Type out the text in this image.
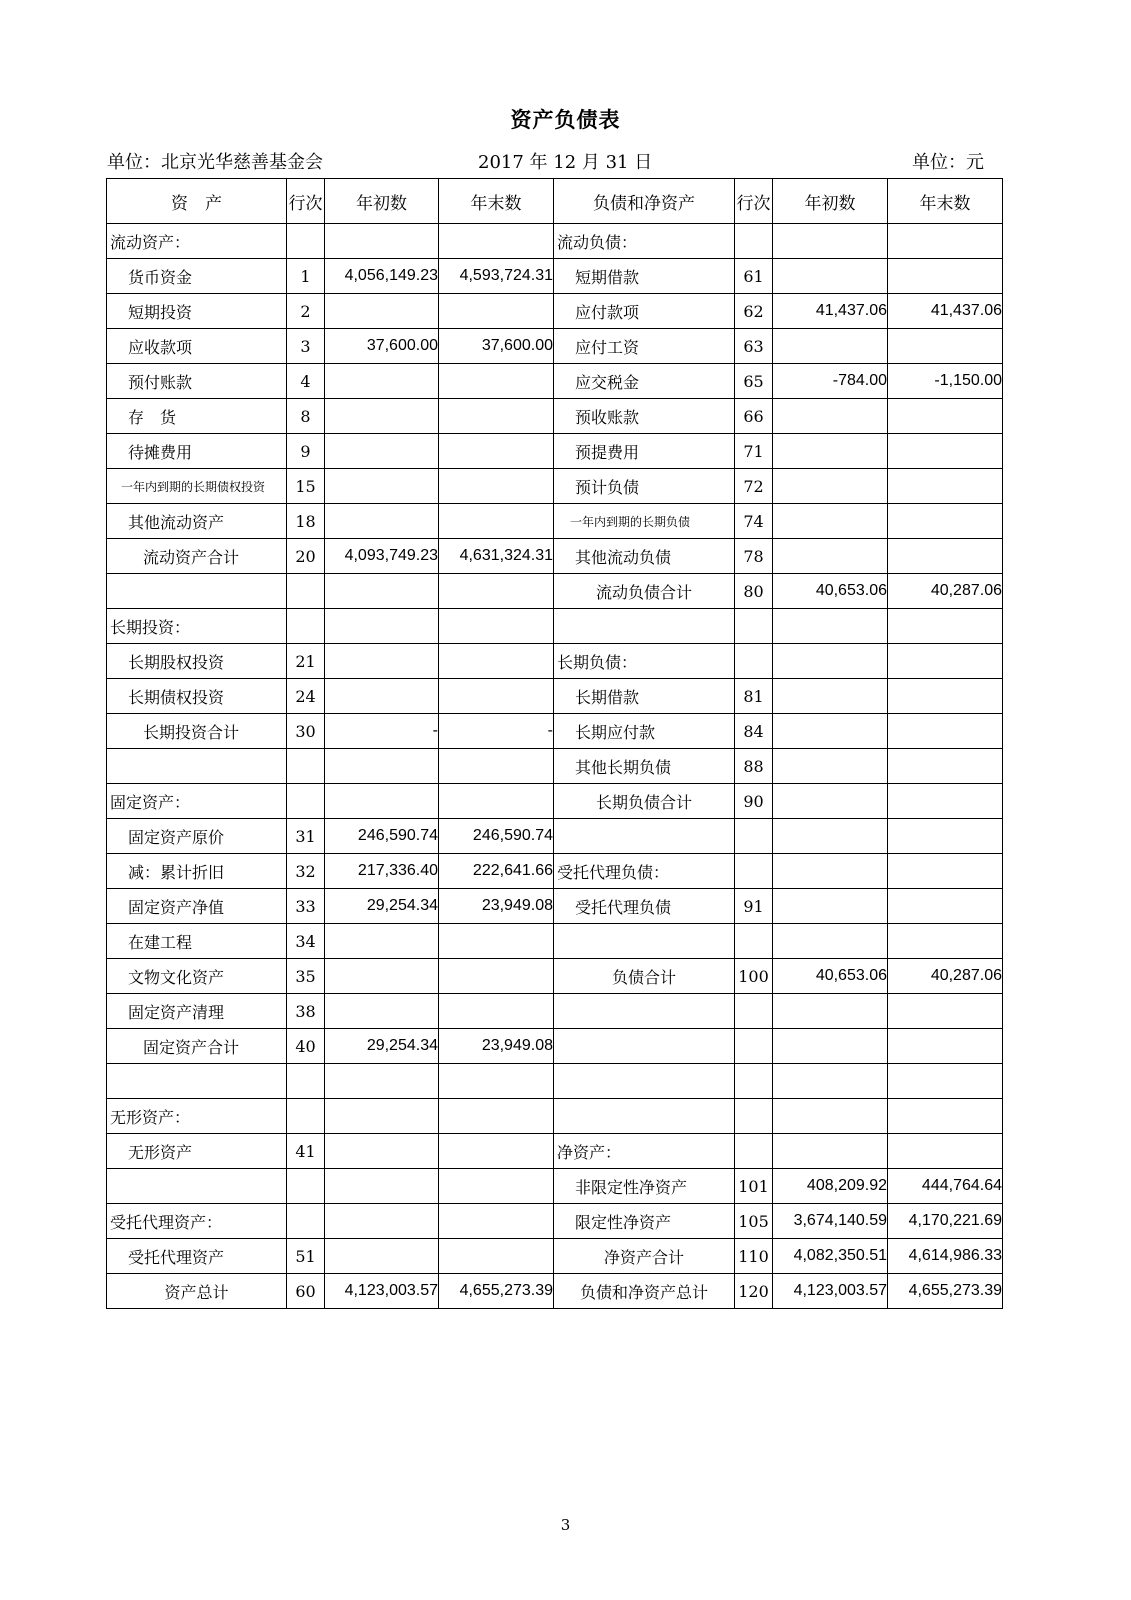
资产负债表
单位：北京光华慈善基金会	2017 年 12 月 31 日	单位：元
资　产	行次	年初数	年末数	负债和净资产	行次	年初数	年末数
流动资产：				流动负债：			
货币资金	1	4,056,149.23	4,593,724.31	短期借款	61		
短期投资	2			应付款项	62	41,437.06	41,437.06
应收款项	3	37,600.00	37,600.00	应付工资	63		
预付账款	4			应交税金	65	-784.00	-1,150.00
存　货	8			预收账款	66		
待摊费用	9			预提费用	71		
一年内到期的长期债权投资	15			预计负债	72		
其他流动资产	18			一年内到期的长期负债	74		
流动资产合计	20	4,093,749.23	4,631,324.31	其他流动负债	78		
				流动负债合计	80	40,653.06	40,287.06
长期投资：							
长期股权投资	21			长期负债：			
长期债权投资	24			长期借款	81		
长期投资合计	30	-	-	长期应付款	84		
				其他长期负债	88		
固定资产：				长期负债合计	90		
固定资产原价	31	246,590.74	246,590.74				
减：累计折旧	32	217,336.40	222,641.66	受托代理负债：			
固定资产净值	33	29,254.34	23,949.08	受托代理负债	91		
在建工程	34						
文物文化资产	35			负债合计	100	40,653.06	40,287.06
固定资产清理	38						
固定资产合计	40	29,254.34	23,949.08				

无形资产：							
无形资产	41			净资产：			
				非限定性净资产	101	408,209.92	444,764.64
受托代理资产：				限定性净资产	105	3,674,140.59	4,170,221.69
受托代理资产	51			净资产合计	110	4,082,350.51	4,614,986.33
资产总计	60	4,123,003.57	4,655,273.39	负债和净资产总计	120	4,123,003.57	4,655,273.39
3
